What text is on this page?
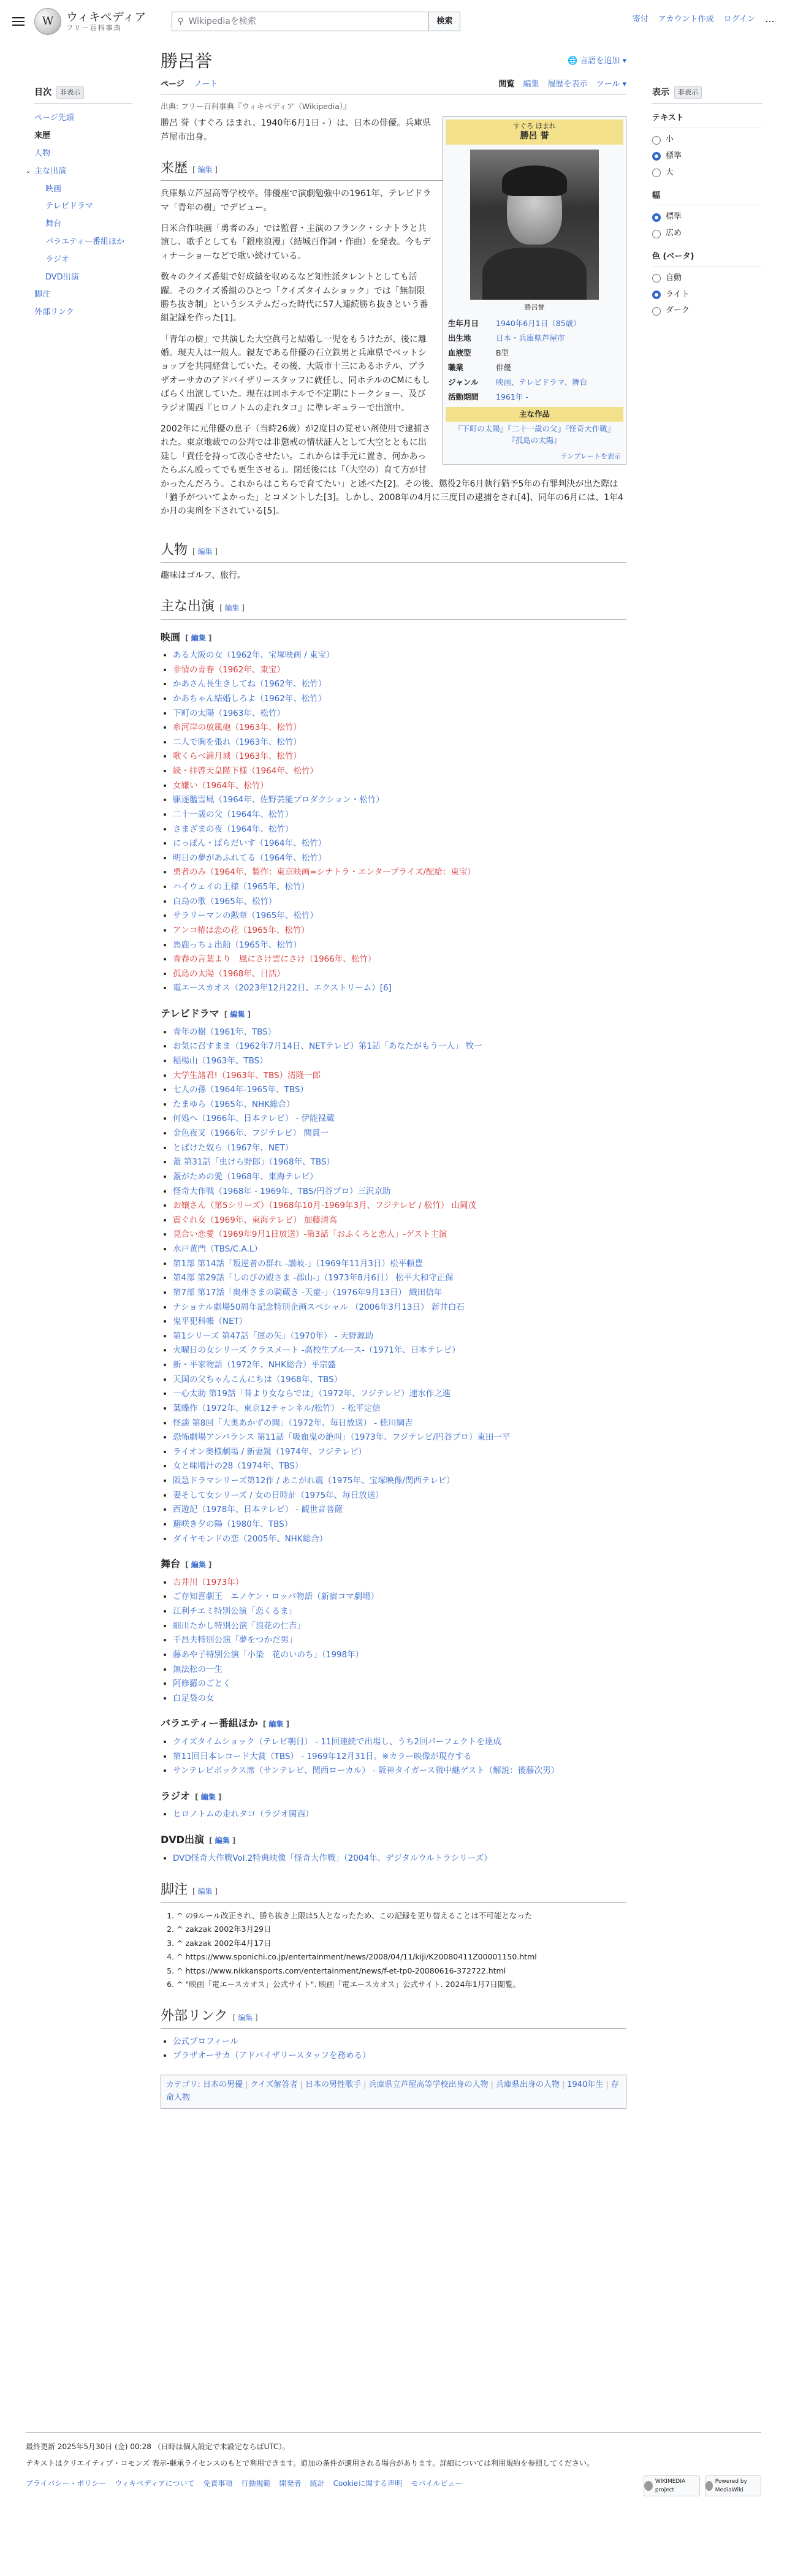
W	ウィキペディア
フリー百科事典
⚲ Wikipediaを検索	検索	寄付 アカウント作成 ログイン ⋯
目次	非表示
ページ先頭
来歴
人物
⌄ 主な出演
映画
テレビドラマ
舞台
バラエティー番組ほか
ラジオ
DVD出演
脚注
外部リンク
表示	非表示
テキスト
小
標準
大
幅
標準
広め
色 (ベータ)
自動
ライト
ダーク
勝呂誉	🌐 言語を追加 ▾
ページ ノート	閲覧 編集 履歴を表示 ツール ▾
出典: フリー百科事典『ウィキペディア（Wikipedia）』
すぐろ ほまれ
勝呂 誉
勝呂誉
生年月日	1940年6月1日（85歳）
出生地	日本・兵庫県芦屋市
血液型	B型
職業	俳優
ジャンル	映画、テレビドラマ、舞台
活動期間	1961年 -
主な作品
『下町の太陽』『二十一歳の父』『怪奇大作戦』『孤島の太陽』
テンプレートを表示

勝呂 誉（すぐろ ほまれ、1940年6月1日 - ）は、日本の俳優。兵庫県芦屋市出身。

来歴 [ 編集 ]

兵庫県立芦屋高等学校卒。俳優座で演劇勉強中の1961年、テレビドラマ「青年の樹」でデビュー。

日米合作映画「勇者のみ」では監督・主演のフランク・シナトラと共演し、歌手としても「銀座浪漫」（結城百作詞・作曲）を発表。今もディナーショーなどで歌い続けている。

数々のクイズ番組で好成績を収めるなど知性派タレントとしても活躍。そのクイズ番組のひとつ「クイズタイムショック」では「無制限勝ち抜き制」というシステムだった時代に57人連続勝ち抜きという番組記録を作った[1]。

「青年の樹」で共演した大空眞弓と結婚し一児をもうけたが、後に離婚。現夫人は一般人。親友である俳優の石立鉄男と兵庫県でペットショップを共同経営していた。その後、大阪市十三にあるホテル、プラザオーサカのアドバイザリースタッフに就任し、同ホテルのCMにもしばらく出演していた。現在は同ホテルで不定期にトークショー、及びラジオ関西『ヒロノトムの走れタコ』に準レギュラーで出演中。

2002年に元俳優の息子（当時26歳）が2度目の覚せい剤使用で逮捕された。東京地裁での公判では非懲戒の情状証人として大空とともに出廷し「責任を持って改心させたい。これからは手元に置き、何かあったらぶん殴ってでも更生させる」。閉廷後には「（大空の）育て方が甘かったんだろう。これからはこちらで育てたい」と述べた[2]。その後、懲役2年6月執行猶予5年の有罪判決が出た際は「猶予がついてよかった」とコメントした[3]。しかし、2008年の4月に三度目の逮捕をされ[4]、同年の6月には、1年4か月の実刑を下されている[5]。

人物 [ 編集 ]

趣味はゴルフ、旅行。

主な出演 [ 編集 ]
映画 [ 編集 ]
• ある大阪の女（1962年、宝塚映画 / 東宝）
• 非情の青春（1962年、東宝）
• かあさん長生きしてね（1962年、松竹）
• かあちゃん結婚しろよ（1962年、松竹）
• 下町の太陽（1963年、松竹）
• 糸河岸の放風砲（1963年、松竹）
• 二人で胸を張れ（1963年、松竹）
• 歌くらべ満月城（1963年、松竹）
• 続・拝啓天皇陛下様（1964年、松竹）
• 女嫌い（1964年、松竹）
• 駆逐艦雪風（1964年、佐野芸能プロダクション・松竹）
• 二十一歳の父（1964年、松竹）
• さまざまの夜（1964年、松竹）
• にっぽん・ぱらだいす（1964年、松竹）
• 明日の夢があふれてる（1964年、松竹）
• 勇者のみ（1964年、製作：東京映画=シナトラ・エンタープライズ/配給：東宝）
• ハイウェイの王様（1965年、松竹）
• 白鳥の歌（1965年、松竹）
• サラリーマンの勲章（1965年、松竹）
• アンコ椿は恋の花（1965年、松竹）
• 馬鹿っちょ出船（1965年、松竹）
• 青春の言葉より　風にさけ雲にさけ（1966年、松竹）
• 孤島の太陽（1968年、日活）
• 電エースカオス（2023年12月22日、エクストリーム）[6]
テレビドラマ [ 編集 ]
• 青年の樹（1961年、TBS）
• お気に召すまま（1962年7月14日、NETテレビ）第1話「あなたがもう一人」 牧一
• 稲楊山（1963年、TBS）
• 大学生諸君!（1963年、TBS）清隆一郎
• 七人の孫（1964年-1965年、TBS）
• たまゆら（1965年、NHK総合）
• 何処へ（1966年、日本テレビ） - 伊能禄蔵
• 金色夜叉（1966年、フジテレビ） 間貫一
• とばけた奴ら（1967年、NET）
• 蓋 第31話「虫けら野郎」（1968年、TBS）
• 蓋がための愛（1968年、東海テレビ）
• 怪奇大作戦（1968年 - 1969年、TBS/円谷プロ）三沢京助
• お嬢さん（第5シリーズ）（1968年10月-1969年3月、フジテレビ / 松竹） 山岡茂
• 震ぐれ女（1969年、東海テレビ） 加藤清高
• 見合い恋愛（1969年9月1日放送）-第3話「おふくろと恋人」-ゲスト主演
• 水戸黄門（TBS/C.A.L）
• 第1部 第14話「叛逆者の群れ -讃岐-」（1969年11月3日）松平頼豊
• 第4部 第29話「しのびの殿さま -郡山-」（1973年8月6日） 松平大和守正保
• 第7部 第17話「奥州さまの騎蔵き -天童-」（1976年9月13日） 織田信年
• ナショナル劇場50周年記念特別企画スペシャル （2006年3月13日） 新井白石
• 鬼平犯科帳（NET）
• 第1シリーズ 第47話「運の矢」（1970年） - 天野源助
• 火曜日の女シリーズ クラスメート -高校生ブルース-（1971年、日本テレビ）
• 新・平家物語（1972年、NHK総合）平宗盛
• 天国の父ちゃんこんにちは（1968年、TBS）
• 一心太助 第19話「昔より女ならでは」（1972年、フジテレビ）速水作之進
• 葉蝶作（1972年、東京12チャンネル/松竹） - 松平定信
• 怪談 第8回「大奥あかずの間」（1972年、毎日放送） - 徳川綱吉
• 恐怖劇場アンバランス 第11話「吸血鬼の絶叫」（1973年、フジテレビ/円谷プロ）東田一平
• ライオン奥様劇場 / 新妻鏡（1974年、フジテレビ）
• 女と味噌汁の28（1974年、TBS）
• 阪急ドラマシリーズ第12作 / あこがれ震（1975年、宝塚映像/関西テレビ）
• 妻そして女シリーズ / 女の日時計（1975年、毎日放送）
• 西遊記（1978年、日本テレビ） - 観世音菩薩
• 避咲き夕の陽（1980年、TBS）
• ダイヤモンドの恋（2005年、NHK総合）
舞台 [ 編集 ]
• 吉井川（1973年）
• ご存知喜劇王　エノケン・ロッパ物語（新宿コマ劇場）
• 江利チエミ特別公演「恋くるま」
• 細川たかし特別公演「浪花の仁吉」
• 千昌夫特別公演「夢をつかだ男」
• 藤あや子特別公演「小染　花のいのち」（1998年）
• 無法松の一生
• 阿修羅のごとく
• 白足袋の女
バラエティー番組ほか [ 編集 ]
• クイズタイムショック（テレビ朝日） - 11回連続で出場し、うち2回パーフェクトを達成
• 第11回日本レコード大賞（TBS） - 1969年12月31日。※カラー映像が現存する
• サンテレビボックス席（サンテレビ、関西ローカル） - 阪神タイガース戦中継ゲスト（解説：後藤次男）
ラジオ [ 編集 ]
• ヒロノトムの走れタコ（ラジオ関西）
DVD出演 [ 編集 ]
• DVD怪奇大作戦Vol.2特典映像「怪奇大作戦」（2004年、デジタルウルトラシリーズ）
脚注 [ 編集 ]
1. ^ の9ルール改正され、勝ち抜き上限は5人となったため、この記録を更り替えることは不可能となった
2. ^ zakzak 2002年3月29日
3. ^ zakzak 2002年4月17日
4. ^ https://www.sponichi.co.jp/entertainment/news/2008/04/11/kiji/K20080411Z00001150.html
5. ^ https://www.nikkansports.com/entertainment/news/f-et-tp0-20080616-372722.html
6. ^ "映画「電エースカオス」公式サイト". 映画「電エースカオス」公式サイト. 2024年1月7日閲覧。
外部リンク [ 編集 ]
• 公式プロフィール
• プラザオーサカ（アドバイザリースタッフを務める）
カテゴリ: 日本の男優 | クイズ解答者 | 日本の男性歌手 | 兵庫県立芦屋高等学校出身の人物 | 兵庫県出身の人物 | 1940年生 | 存命人物

最終更新 2025年5月30日 (金) 00:28 （日時は個人設定で未設定ならばUTC）。

テキストはクリエイティブ・コモンズ 表示-継承ライセンスのもとで利用できます。追加の条件が適用される場合があります。詳細については利用規約を参照してください。

プライバシー・ポリシー ウィキペディアについて 免責事項 行動規範 開発者 統計 Cookieに関する声明 モバイルビュー	WIKIMEDIA project
Powered by MediaWiki
